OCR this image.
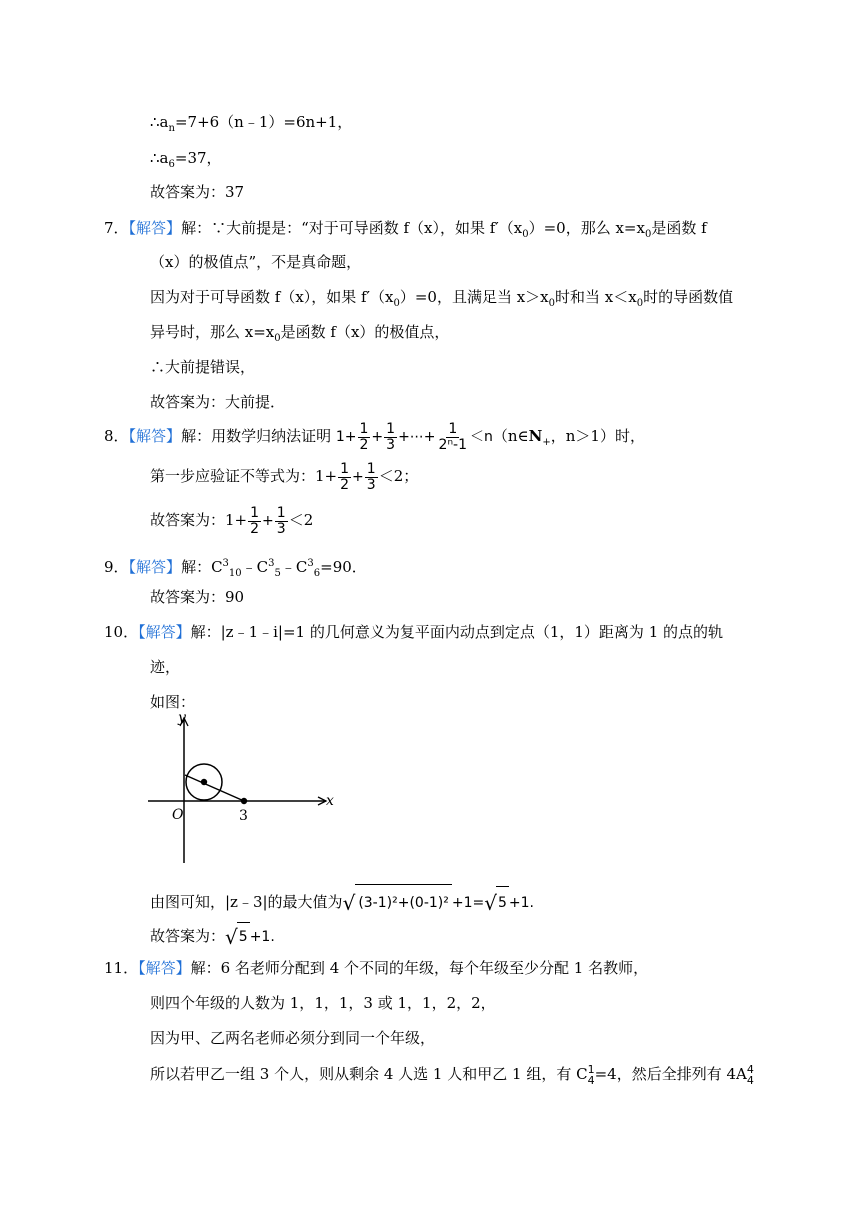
$\therefore a_n=7+6(n﹣1)=6n+1$，
$\therefore a_6=37$，
故答案为：37
7．【解答】解：∵大前提是：“对于可导函数 f（x），如果 $f'(x_0)=0$，那么 $x=x_0$是函数 f
（x）的极值点”，不是真命题，
因为对于可导函数 f（x），如果 $f'(x_0)=0$，且满足当 $x>x_0$时和当 $x<x_0$时的导函数值
异号时，那么 $x=x_0$是函数 f（x）的极值点，
∴大前提错误，
故答案为：大前提．
8．【解答】解：用数学归纳法证明 $1+ \frac{1}{2} + \frac{1}{3}$ +⋯+ $\frac{1}{\text{2ⁿ-1}}$ $<n(n\in N_+$，n＞1）时，
第一步应验证不等式为：$1+ \frac{1}{2} + \frac{1}{3} <2$；
故答案为：$1+ \frac{1}{2} + \frac{1}{3} <2$
9．【解答】解：$C^3_{10}﹣C^3_5﹣C^3_6=90$．
故答案为：90
10．【解答】解：|z﹣1﹣i|=1 的几何意义为复平面内动点到定点（1，1）距离为 1 的点的轨
迹，
如图：
y
x
O	3
由图可知，|z﹣3|的最大值为√ (3-1)²+(0-1)² +1=√5 +1.
故答案为：√5 +1.
11．【解答】解：6 名老师分配到 4 个不同的年级，每个年级至少分配 1 名教师，
则四个年级的人数为 1，1，1，3 或 1，1，2，2，
因为甲、乙两名老师必须分到同一个年级，
所以若甲乙一组 3 个人，则从剩余 4 人选 1 人和甲乙 1 组，有 C 1
4 =4，然后全排列有 4A 4
4
